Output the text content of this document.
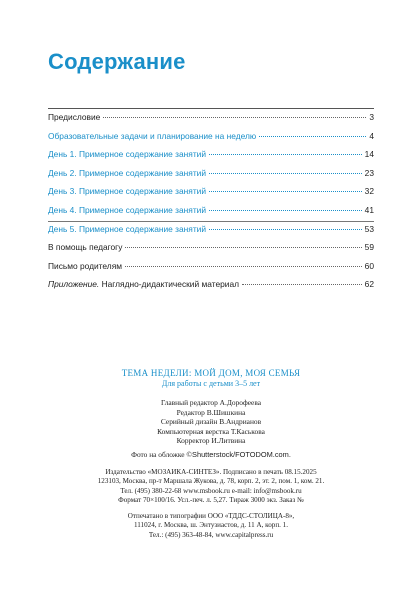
Содержание
Предисловие	3
Образовательные задачи и планирование на неделю	4
День 1. Примерное содержание занятий	14
День 2. Примерное содержание занятий	23
День 3. Примерное содержание занятий	32
День 4. Примерное содержание занятий	41
День 5. Примерное содержание занятий	53
В помощь педагогу	59
Письмо родителям	60
Приложение. Наглядно-дидактический материал	62
ТЕМА НЕДЕЛИ: МОЙ ДОМ, МОЯ СЕМЬЯ
Для работы с детьми 3–5 лет
Главный редактор А.Дорофеева
Редактор В.Шишкина
Серийный дизайн В.Андрианов
Компьютерная верстка Т.Каськова
Корректор И.Литвина
Фото на обложке ©Shutterstock/FOTODOM.com.
Издательство «МОЗАИКА-СИНТЕЗ». Подписано в печать 08.15.2025
123103, Москва, пр-т Маршала Жукова, д. 78, корп. 2, эт. 2, пом. 1, ком. 21.
Тел. (495) 380-22-68 www.msbook.ru e-mail: info@msbook.ru
Формат 70×100/16. Усл.-печ. л. 5,27. Тираж 3000 экз. Заказ №
Отпечатано в типографии ООО «ТДДС-СТОЛИЦА-8»,
111024, г. Москва, ш. Энтузиастов, д. 11 А, корп. 1.
Тел.: (495) 363-48-84, www.capitalpress.ru
